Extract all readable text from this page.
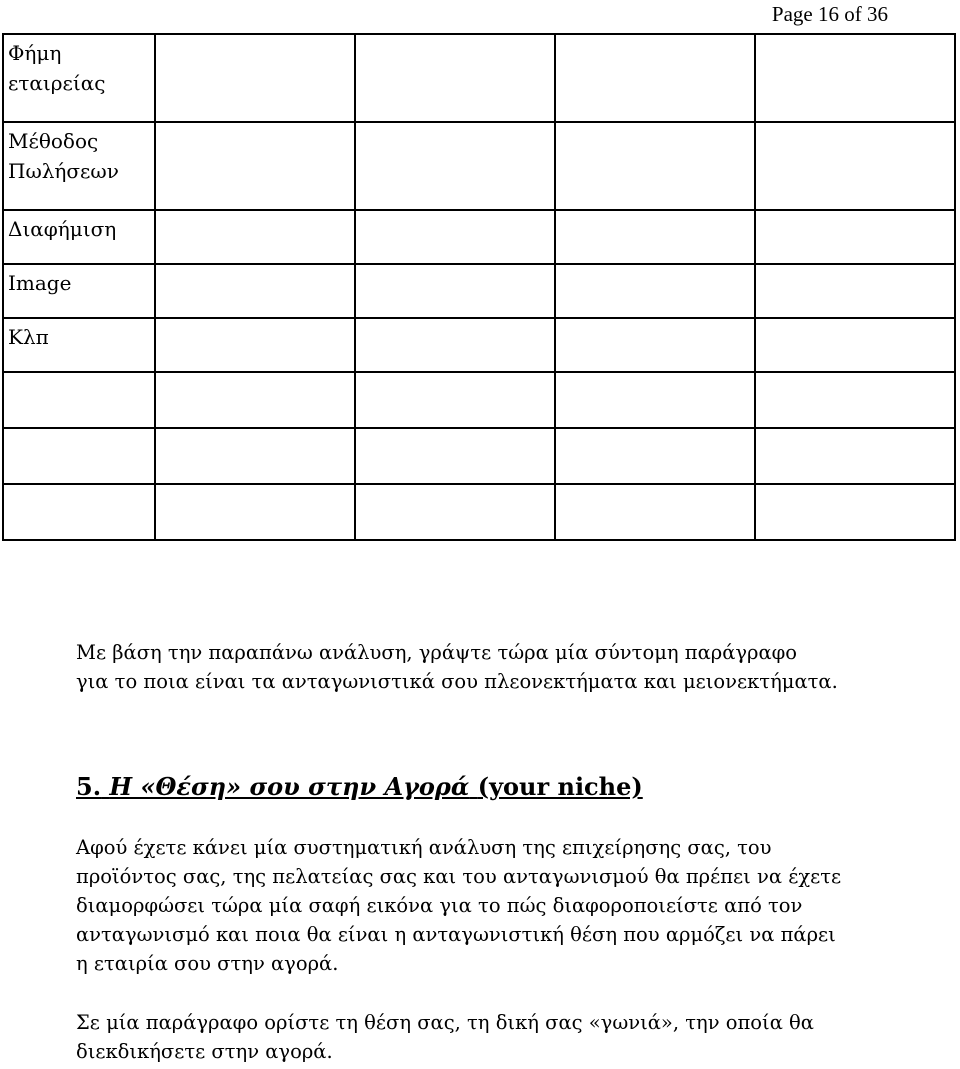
Page 16 of 36
Φήμη εταιρείας				
Μέθοδος Πωλήσεων				
Διαφήμιση				
Image				
Κλπ				

Με βάση την παραπάνω ανάλυση, γράψτε τώρα μία σύντομη παράγραφο

για το ποια είναι τα ανταγωνιστικά σου πλεονεκτήματα και μειονεκτήματα.

5. Η «Θέση» σου στην Αγορά (your niche)

Αφού έχετε κάνει μία συστηματική ανάλυση της επιχείρησης σας, του

προϊόντος σας, της πελατείας σας και του ανταγωνισμού θα πρέπει να έχετε

διαμορφώσει τώρα μία σαφή εικόνα για το πώς διαφοροποιείστε από τον

ανταγωνισμό και ποια θα είναι η ανταγωνιστική θέση που αρμόζει να πάρει

η εταιρία σου στην αγορά.

Σε μία παράγραφο ορίστε τη θέση σας, τη δική σας «γωνιά», την οποία θα

διεκδικήσετε στην αγορά.
